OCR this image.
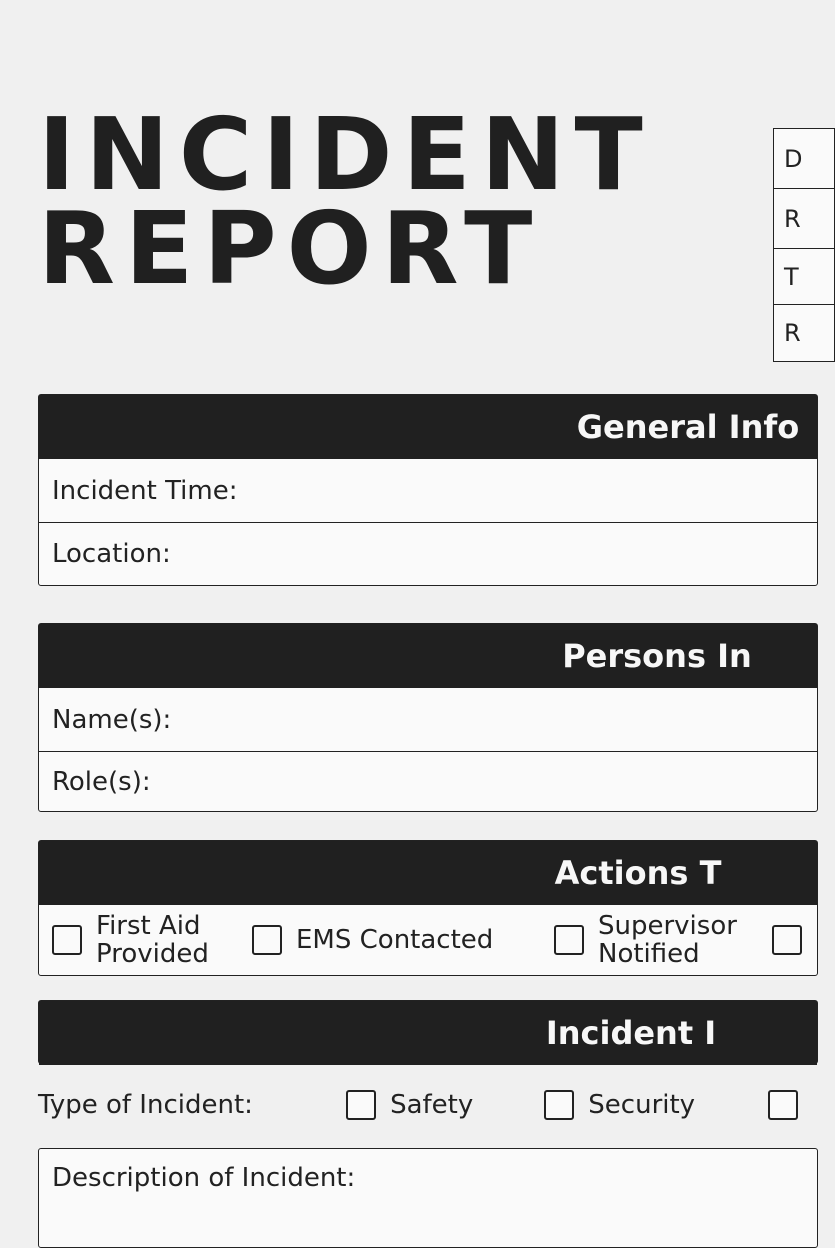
INCIDENT
REPORT
D
R
T
R
General Info
Incident Time:
Location:
Persons In
Name(s):
Role(s):
Actions T
First Aid
Provided	EMS Contacted	Supervisor
Notified
Incident I
Type of Incident:	Safety	Security
Description of Incident:
